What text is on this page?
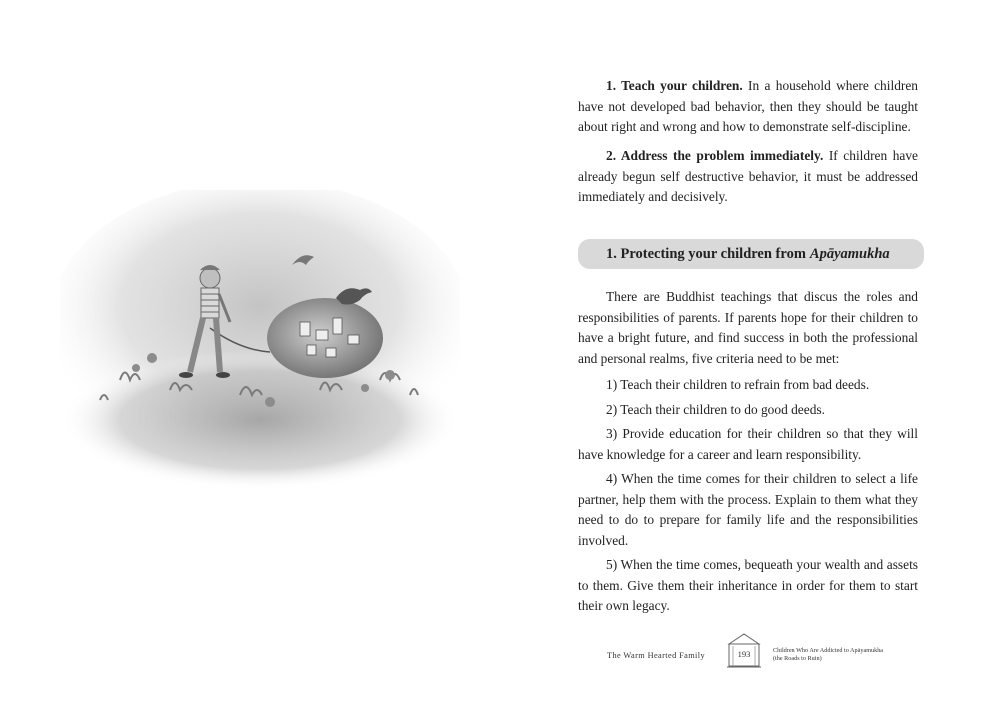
1. Teach your children. In a household where children have not developed bad behavior, then they should be taught about right and wrong and how to demonstrate self-discipline.

2. Address the problem immediately. If children have already begun self destructive behavior, it must be addressed immediately and decisively.

1. Protecting your children from Apāyamukha

There are Buddhist teachings that discus the roles and responsibilities of parents. If parents hope for their children to have a bright future, and find success in both the professional and personal realms, five criteria need to be met:

1) Teach their children to refrain from bad deeds.

2) Teach their children to do good deeds.

3) Provide education for their children so that they will have knowledge for a career and learn responsibility.

4) When the time comes for their children to select a life partner, help them with the process. Explain to them what they need to do to prepare for family life and the responsibilities involved.

5) When the time comes, bequeath your wealth and assets to them. Give them their inheritance in order for them to start their own legacy.

The Warm Hearted Family	193	Children Who Are Addicted to Apāyamukha
(the Roads to Ruin)
